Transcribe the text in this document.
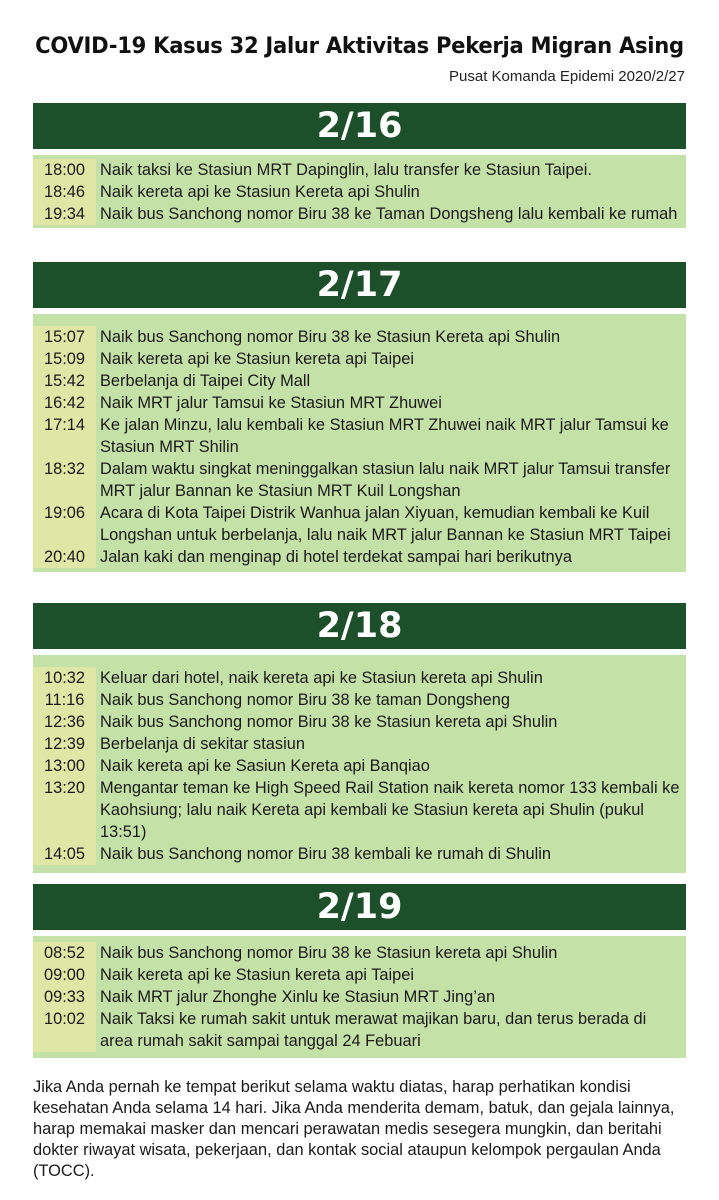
COVID-19 Kasus 32 Jalur Aktivitas Pekerja Migran Asing
Pusat Komanda Epidemi 2020/2/27
2/16
18:00 Naik taksi ke Stasiun MRT Dapinglin, lalu transfer ke Stasiun Taipei.
18:46 Naik kereta api ke Stasiun Kereta api Shulin
19:34 Naik bus Sanchong nomor Biru 38 ke Taman Dongsheng lalu kembali ke rumah
2/17
15:07 Naik bus Sanchong nomor Biru 38 ke Stasiun Kereta api Shulin
15:09 Naik kereta api ke Stasiun kereta api Taipei
15:42 Berbelanja di Taipei City Mall
16:42 Naik MRT jalur Tamsui ke Stasiun MRT Zhuwei
17:14 Ke jalan Minzu, lalu kembali ke Stasiun MRT Zhuwei naik MRT jalur Tamsui ke Stasiun MRT Shilin
18:32 Dalam waktu singkat meninggalkan stasiun lalu naik MRT jalur Tamsui transfer MRT jalur Bannan ke Stasiun MRT Kuil Longshan
19:06 Acara di Kota Taipei Distrik Wanhua jalan Xiyuan, kemudian kembali ke Kuil Longshan untuk berbelanja, lalu naik MRT jalur Bannan ke Stasiun MRT Taipei
20:40 Jalan kaki dan menginap di hotel terdekat sampai hari berikutnya
2/18
10:32 Keluar dari hotel, naik kereta api ke Stasiun kereta api Shulin
11:16 Naik bus Sanchong nomor Biru 38 ke taman Dongsheng
12:36 Naik bus Sanchong nomor Biru 38 ke Stasiun kereta api Shulin
12:39 Berbelanja di sekitar stasiun
13:00 Naik kereta api ke Sasiun Kereta api Banqiao
13:20 Mengantar teman ke High Speed Rail Station naik kereta nomor 133 kembali ke Kaohsiung; lalu naik Kereta api kembali ke Stasiun kereta api Shulin (pukul 13:51)
14:05 Naik bus Sanchong nomor Biru 38 kembali ke rumah di Shulin
2/19
08:52 Naik bus Sanchong nomor Biru 38 ke Stasiun kereta api Shulin
09:00 Naik kereta api ke Stasiun kereta api Taipei
09:33 Naik MRT jalur Zhonghe Xinlu ke Stasiun MRT Jing’an
10:02 Naik Taksi ke rumah sakit untuk merawat majikan baru, dan terus berada di area rumah sakit sampai tanggal 24 Febuari
Jika Anda pernah ke tempat berikut selama waktu diatas, harap perhatikan kondisi kesehatan Anda selama 14 hari. Jika Anda menderita demam, batuk, dan gejala lainnya, harap memakai masker dan mencari perawatan medis sesegera mungkin, dan beritahi dokter riwayat wisata, pekerjaan, dan kontak social ataupun kelompok pergaulan Anda (TOCC).
